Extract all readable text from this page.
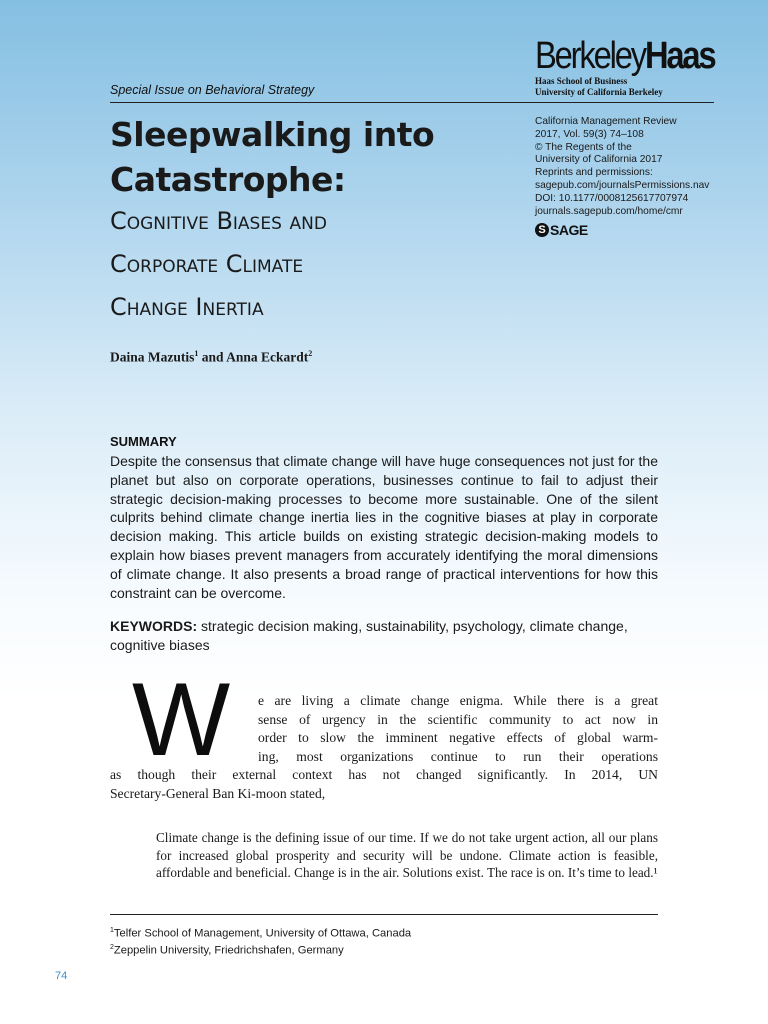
BerkeleyHaas
Haas School of Business
University of California Berkeley
Special Issue on Behavioral Strategy
Sleepwalking into
Catastrophe:
Cognitive Biases and
Corporate Climate
Change Inertia
California Management Review
2017, Vol. 59(3) 74–108
© The Regents of the
University of California 2017
Reprints and permissions:
sagepub.com/journalsPermissions.nav
DOI: 10.1177/0008125617707974
journals.sagepub.com/home/cmr
S SAGE
Daina Mazutis$^1$ and Anna Eckardt$^2$
SUMMARY
Despite the consensus that climate change will have huge consequences not just for the planet but also on corporate operations, businesses continue to fail to adjust their strategic decision-making processes to become more sustainable. One of the silent culprits behind climate change inertia lies in the cognitive biases at play in corporate decision making. This article builds on existing strategic decision-making models to explain how biases prevent managers from accurately identifying the moral dimensions of climate change. It also presents a broad range of practical interventions for how this constraint can be overcome.
KEYWORDS: strategic decision making, sustainability, psychology, climate change, cognitive biases
W e are living a climate change enigma. While there is a great
sense of urgency in the scientific community to act now in
order to slow the imminent negative effects of global warm-
ing, most organizations continue to run their operations
as though their external context has not changed significantly. In 2014, UN
Secretary-General Ban Ki-moon stated,
Climate change is the defining issue of our time. If we do not take urgent action, all our plans for increased global prosperity and security will be undone. Climate action is feasible, affordable and beneficial. Change is in the air. Solutions exist. The race is on. It’s time to lead.¹
$^1$Telfer School of Management, University of Ottawa, Canada
$^2$Zeppelin University, Friedrichshafen, Germany
74
